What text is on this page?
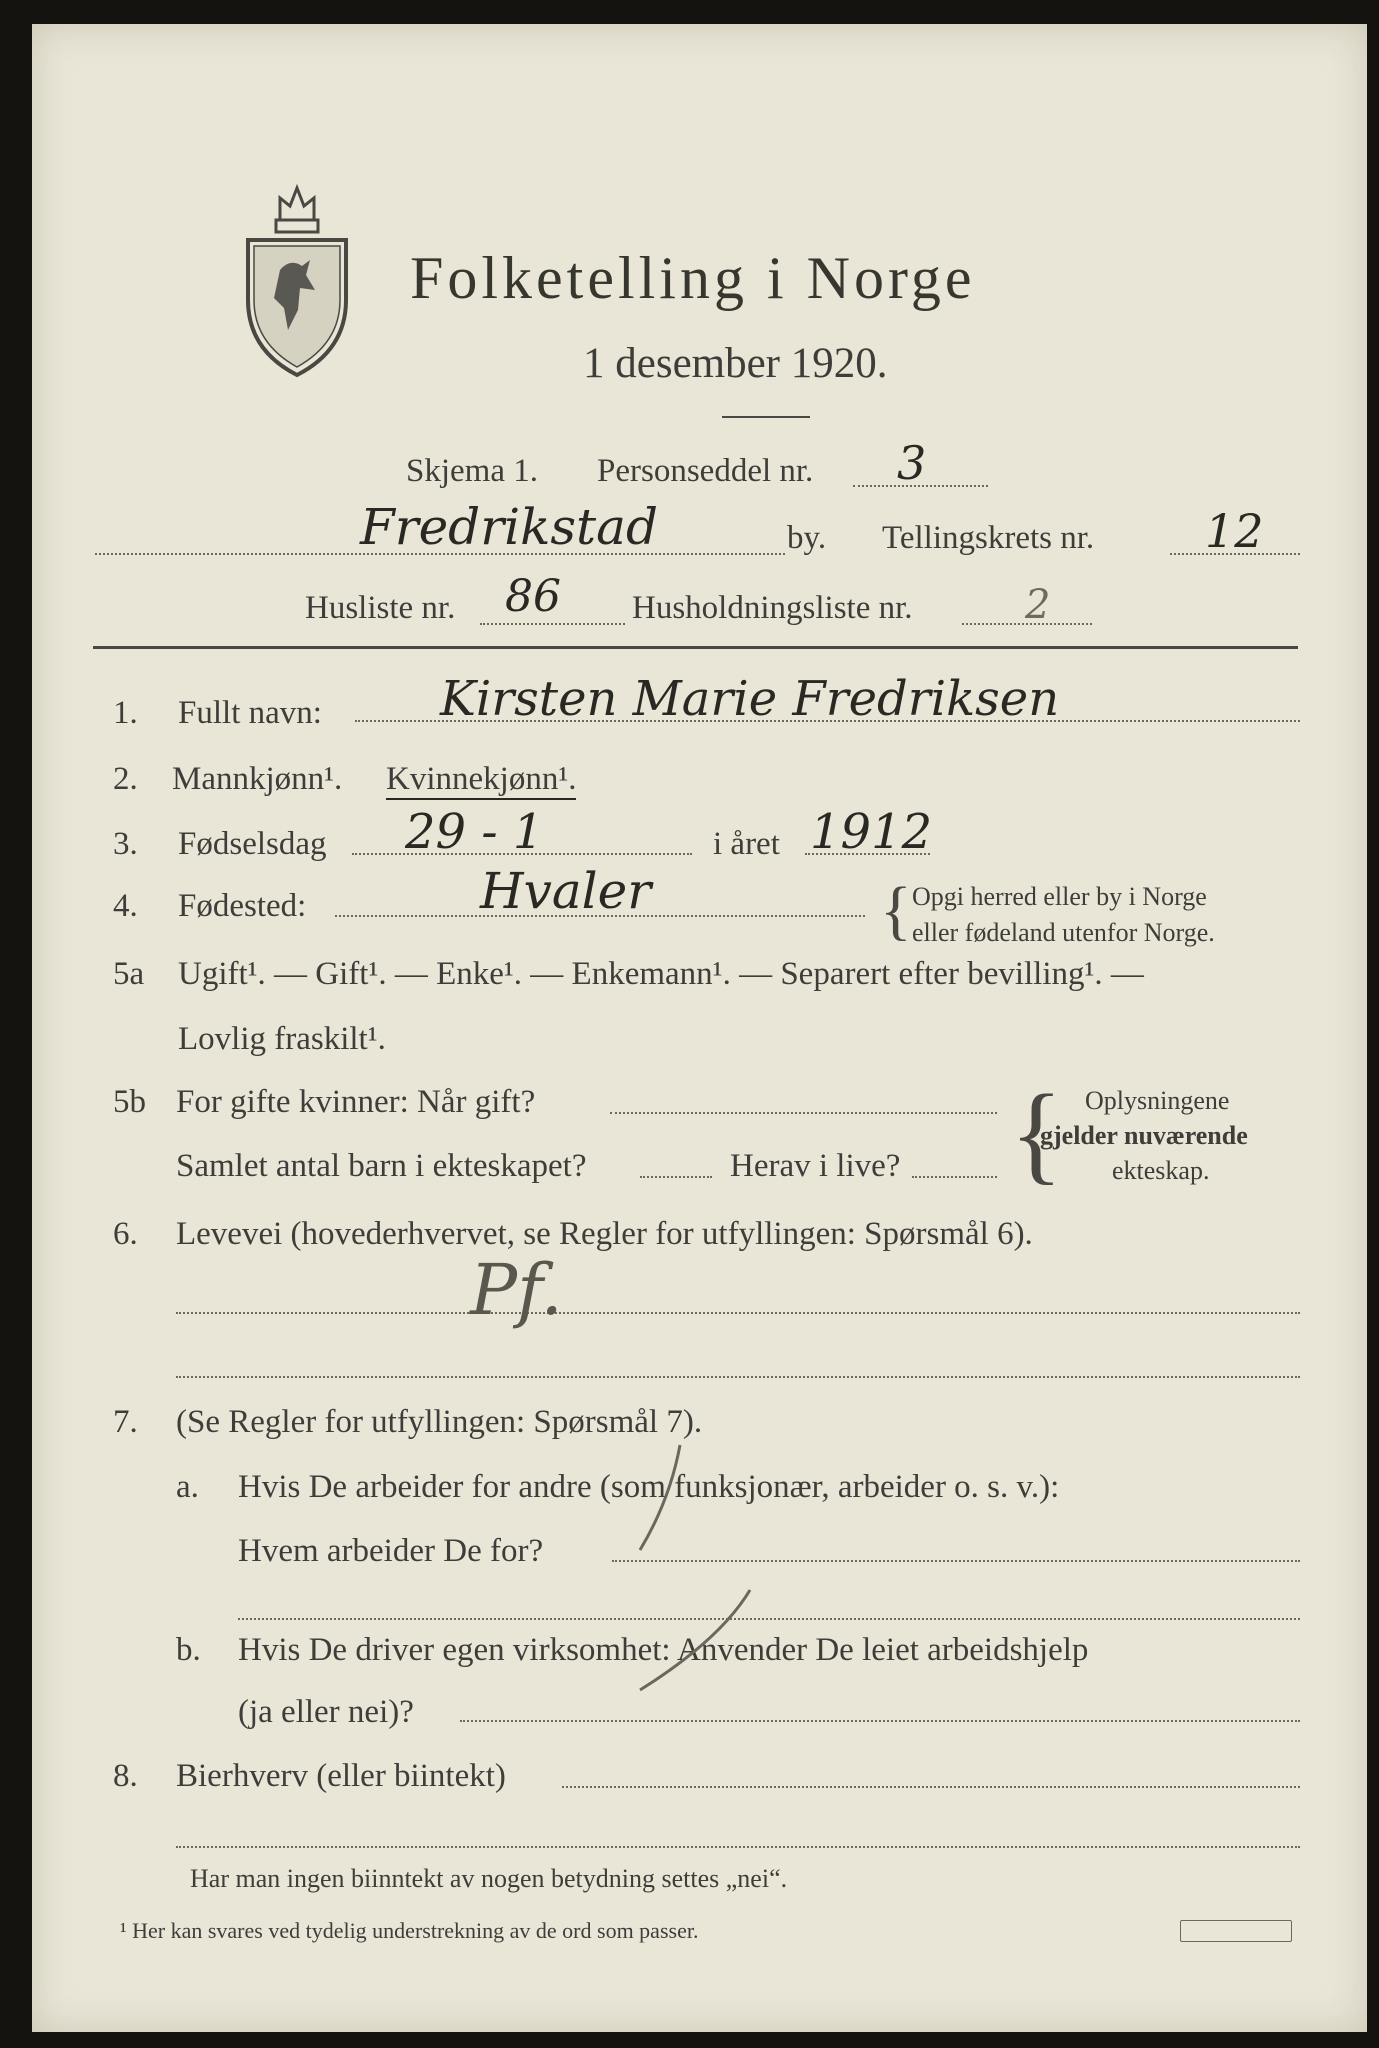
Folketelling i Norge
1 desember 1920.
Skjema 1. Personseddel nr. 3
Fredrikstad	by. Tellingskrets nr. 12
Husliste nr. 86 Husholdningsliste nr.	2
1. Fullt navn: Kirsten Marie Fredriksen
2. Mannkjønn¹. Kvinnekjønn¹.
3. Fødselsdag 29 - 1	i året 1912
4. Fødested:	Hvaler	{ Opgi herred eller by i Norge
eller fødeland utenfor Norge.
5a Ugift¹. — Gift¹. — Enke¹. — Enkemann¹. — Separert efter bevilling¹. —
Lovlig fraskilt¹.
5b For gifte kvinner: Når gift?
Samlet antal barn i ekteskapet?	Herav i live? { Oplysningene
gjelder nuværende
ekteskap.
6. Levevei (hovederhvervet, se Regler for utfyllingen: Spørsmål 6).
Pf.
7. (Se Regler for utfyllingen: Spørsmål 7).
a. Hvis De arbeider for andre (som funksjonær, arbeider o. s. v.):
Hvem arbeider De for?
b. Hvis De driver egen virksomhet: Anvender De leiet arbeidshjelp
(ja eller nei)?
8. Bierhverv (eller biintekt)
Har man ingen biinntekt av nogen betydning settes „nei“.
¹ Her kan svares ved tydelig understrekning av de ord som passer.
